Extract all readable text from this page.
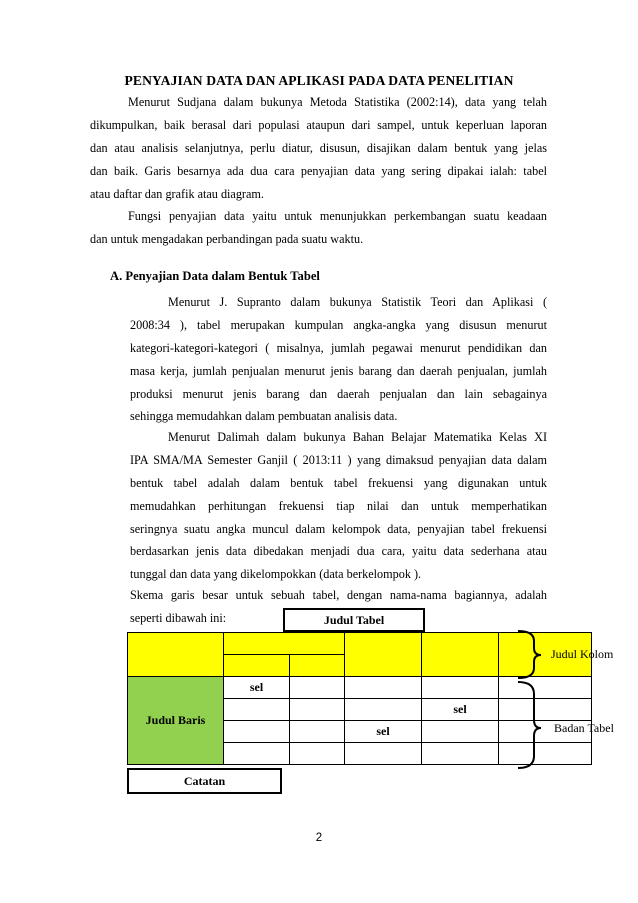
PENYAJIAN DATA DAN APLIKASI PADA DATA PENELITIAN
Menurut Sudjana dalam bukunya Metoda Statistika (2002:14), data yang telah
dikumpulkan, baik berasal dari populasi ataupun dari sampel, untuk keperluan laporan
dan atau analisis selanjutnya, perlu diatur, disusun, disajikan dalam bentuk yang jelas
dan baik. Garis besarnya ada dua cara penyajian data yang sering dipakai ialah: tabel
atau daftar dan grafik atau diagram.
Fungsi penyajian data yaitu untuk menunjukkan perkembangan suatu keadaan
dan untuk mengadakan perbandingan pada suatu waktu.
A. Penyajian Data dalam Bentuk Tabel
Menurut J. Supranto dalam bukunya Statistik Teori dan Aplikasi (
2008:34 ), tabel merupakan kumpulan angka-angka yang disusun menurut
kategori-kategori-kategori ( misalnya, jumlah pegawai menurut pendidikan dan
masa kerja, jumlah penjualan menurut jenis barang dan daerah penjualan, jumlah
produksi menurut jenis barang dan daerah penjualan dan lain sebagainya
sehingga memudahkan dalam pembuatan analisis data.
Menurut Dalimah dalam bukunya Bahan Belajar Matematika Kelas XI
IPA SMA/MA Semester Ganjil ( 2013:11 ) yang dimaksud penyajian data dalam
bentuk tabel adalah dalam bentuk tabel frekuensi yang digunakan untuk
memudahkan perhitungan frekuensi tiap nilai dan untuk memperhatikan
seringnya suatu angka muncul dalam kelompok data, penyajian tabel frekuensi
berdasarkan jenis data dibedakan menjadi dua cara, yaitu data sederhana atau
tunggal dan data yang dikelompokkan (data berkelompok ).
Skema garis besar untuk sebuah tabel, dengan nama-nama bagiannya, adalah
seperti dibawah ini:

Judul Baris	sel				
				sel	
			sel		

Judul Tabel
Catatan
Judul Kolom
Badan Tabel
2
